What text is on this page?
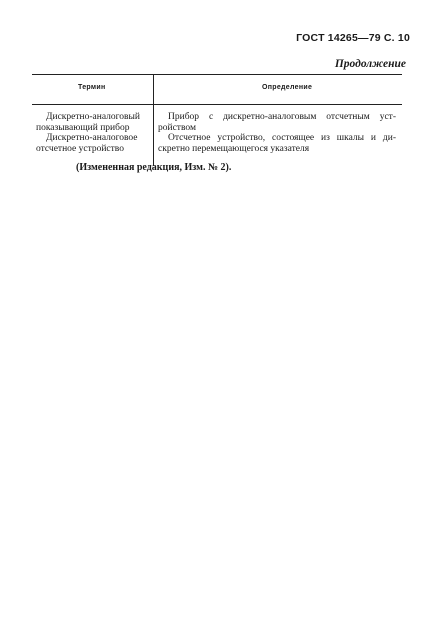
ГОСТ 14265—79 С. 10
Продолжение
Термин	Определение
Дискретно-аналоговый
показывающий прибор
Дискретно-аналоговое
отсчетное устройство
Прибор с дискретно-аналоговым отсчетным уст-
ройством
Отсчетное устройство, состоящее из шкалы и ди-
скретно перемещающегося указателя
(Измененная редакция, Изм. № 2).
